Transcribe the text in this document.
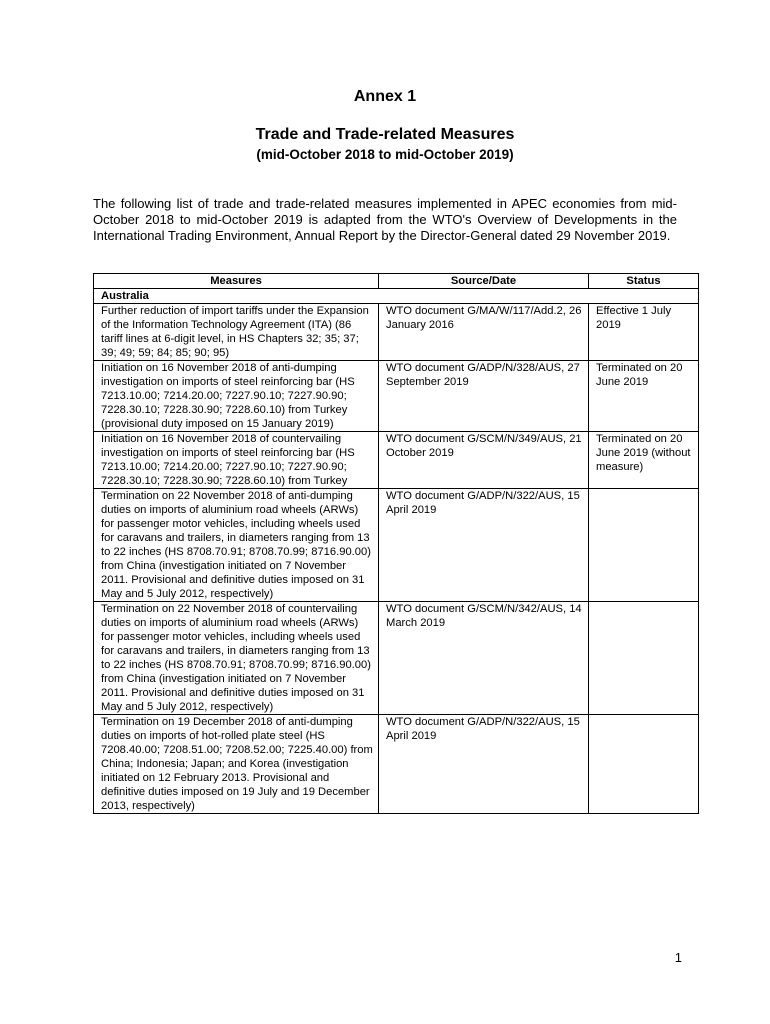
Annex 1
Trade and Trade-related Measures
(mid-October 2018 to mid-October 2019)

The following list of trade and trade-related measures implemented in APEC economies from mid-October 2018 to mid-October 2019 is adapted from the WTO's Overview of Developments in the International Trading Environment, Annual Report by the Director-General dated 29 November 2019.

Measures	Source/Date	Status
Australia		
Further reduction of import tariffs under the Expansion of the Information Technology Agreement (ITA) (86 tariff lines at 6-digit level, in HS Chapters 32; 35; 37; 39; 49; 59; 84; 85; 90; 95)	WTO document G/MA/W/117/Add.2, 26 January 2016	Effective 1 July 2019
Initiation on 16 November 2018 of anti-dumping investigation on imports of steel reinforcing bar (HS 7213.10.00; 7214.20.00; 7227.90.10; 7227.90.90; 7228.30.10; 7228.30.90; 7228.60.10) from Turkey (provisional duty imposed on 15 January 2019)	WTO document G/ADP/N/328/AUS, 27 September 2019	Terminated on 20 June 2019
Initiation on 16 November 2018 of countervailing investigation on imports of steel reinforcing bar (HS 7213.10.00; 7214.20.00; 7227.90.10; 7227.90.90; 7228.30.10; 7228.30.90; 7228.60.10) from Turkey	WTO document G/SCM/N/349/AUS, 21 October 2019	Terminated on 20 June 2019 (without measure)
Termination on 22 November 2018 of anti-dumping duties on imports of aluminium road wheels (ARWs) for passenger motor vehicles, including wheels used for caravans and trailers, in diameters ranging from 13 to 22 inches (HS 8708.70.91; 8708.70.99; 8716.90.00) from China (investigation initiated on 7 November 2011. Provisional and definitive duties imposed on 31 May and 5 July 2012, respectively)	WTO document G/ADP/N/322/AUS, 15 April 2019	
Termination on 22 November 2018 of countervailing duties on imports of aluminium road wheels (ARWs) for passenger motor vehicles, including wheels used for caravans and trailers, in diameters ranging from 13 to 22 inches (HS 8708.70.91; 8708.70.99; 8716.90.00) from China (investigation initiated on 7 November 2011. Provisional and definitive duties imposed on 31 May and 5 July 2012, respectively)	WTO document G/SCM/N/342/AUS, 14 March 2019	
Termination on 19 December 2018 of anti-dumping duties on imports of hot-rolled plate steel (HS 7208.40.00; 7208.51.00; 7208.52.00; 7225.40.00) from China; Indonesia; Japan; and Korea (investigation initiated on 12 February 2013. Provisional and definitive duties imposed on 19 July and 19 December 2013, respectively)	WTO document G/ADP/N/322/AUS, 15 April 2019	
1
